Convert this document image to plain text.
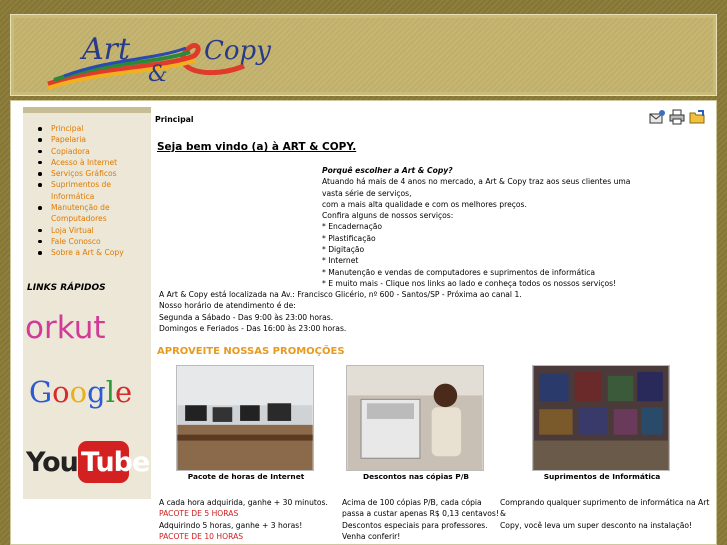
Art
&
Copy
Principal
Papelaria
Copiadora
Acesso à Internet
Serviços Gráficos
Suprimentos de Informática
Manutenção de Computadores
Loja Virtual
Fale Conosco
Sobre a Art & Copy
LINKS RÁPIDOS
orkut
Google
You Tube
Principal
Seja bem vindo (a) à ART & COPY.
Porquê escolher a Art & Copy?
Atuando há mais de 4 anos no mercado, a Art & Copy traz aos seus clientes uma vasta série de serviços,
com a mais alta qualidade e com os melhores preços.
Confira alguns de nossos serviços:
* Encadernação
* Plastificação
* Digitação
* Internet
* Manutenção e vendas de computadores e suprimentos de informática
* E muito mais - Clique nos links ao lado e conheça todos os nossos serviços!
A Art & Copy está localizada na Av.: Francisco Glicério, nº 600 - Santos/SP - Próxima ao canal 1.
Nosso horário de atendimento é de:
Segunda a Sábado - Das 9:00 às 23:00 horas.
Domingos e Feriados - Das 16:00 às 23:00 horas.
APROVEITE NOSSAS PROMOÇÕES
Pacote de horas de Internet
A cada hora adquirida, ganhe + 30 minutos.
PACOTE DE 5 HORAS
Adquirindo 5 horas, ganhe + 3 horas!
PACOTE DE 10 HORAS
Descontos nas cópias P/B
Acima de 100 cópias P/B, cada cópia
passa a custar apenas R$ 0,13 centavos!
Descontos especiais para professores.
Venha conferir!
Suprimentos de Informática
Comprando qualquer suprimento de informática na Art &
Copy, você leva um super desconto na instalação!
